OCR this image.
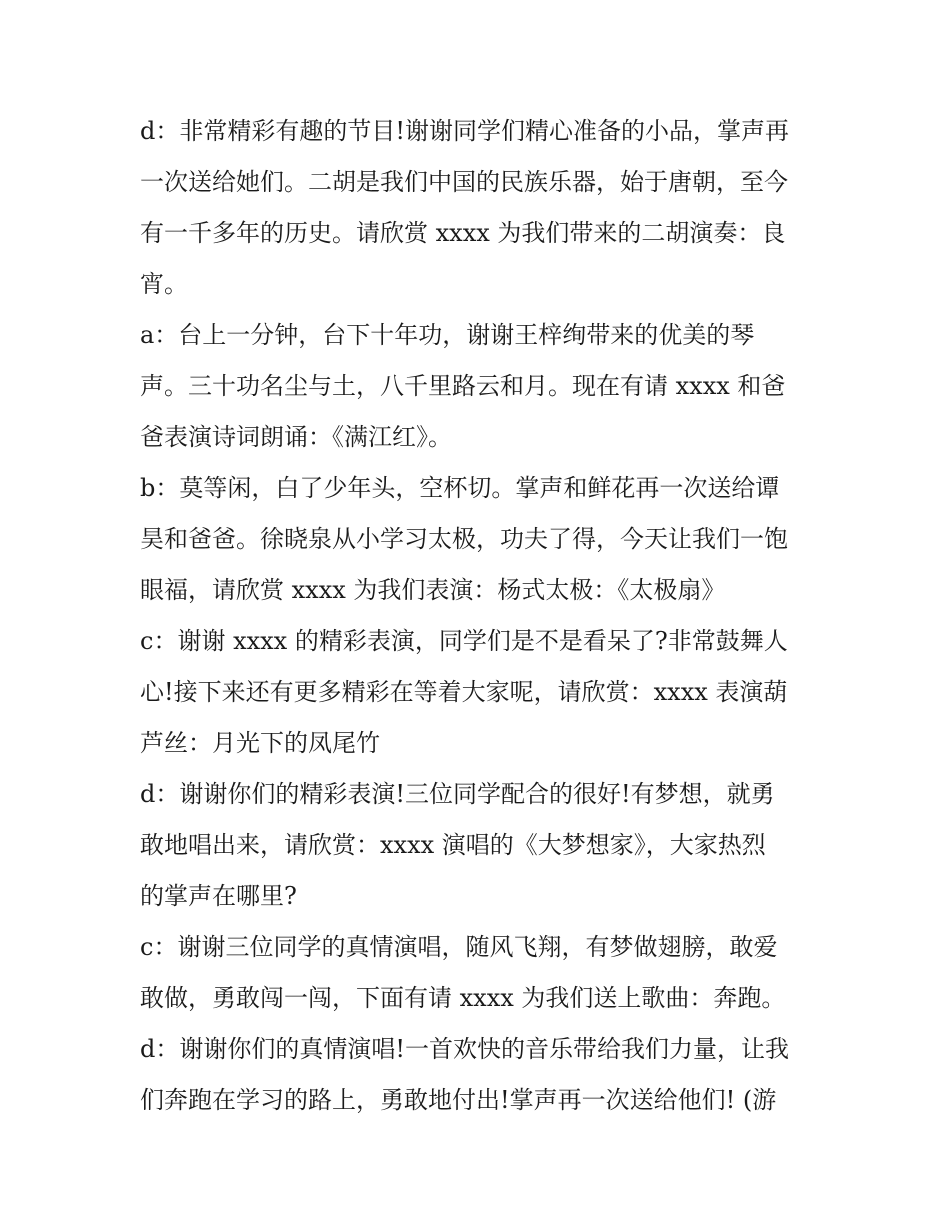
d：非常精彩有趣的节目!谢谢同学们精心准备的小品，掌声再
一次送给她们。二胡是我们中国的民族乐器，始于唐朝，至今
有一千多年的历史。请欣赏 xxxx 为我们带来的二胡演奏：良
宵。
a：台上一分钟，台下十年功，谢谢王梓绚带来的优美的琴
声。三十功名尘与土，八千里路云和月。现在有请 xxxx 和爸
爸表演诗词朗诵：《满江红》。
b：莫等闲，白了少年头，空杯切。掌声和鲜花再一次送给谭
昊和爸爸。徐晓泉从小学习太极，功夫了得，今天让我们一饱
眼福，请欣赏 xxxx 为我们表演：杨式太极：《太极扇》
c：谢谢 xxxx 的精彩表演，同学们是不是看呆了?非常鼓舞人
心!接下来还有更多精彩在等着大家呢，请欣赏：xxxx 表演葫
芦丝：月光下的凤尾竹
d：谢谢你们的精彩表演!三位同学配合的很好!有梦想，就勇
敢地唱出来，请欣赏：xxxx 演唱的《大梦想家》，大家热烈
的掌声在哪里?
c：谢谢三位同学的真情演唱，随风飞翔，有梦做翅膀，敢爱
敢做，勇敢闯一闯，下面有请 xxxx 为我们送上歌曲：奔跑。
d：谢谢你们的真情演唱!一首欢快的音乐带给我们力量，让我
们奔跑在学习的路上，勇敢地付出!掌声再一次送给他们! (游
